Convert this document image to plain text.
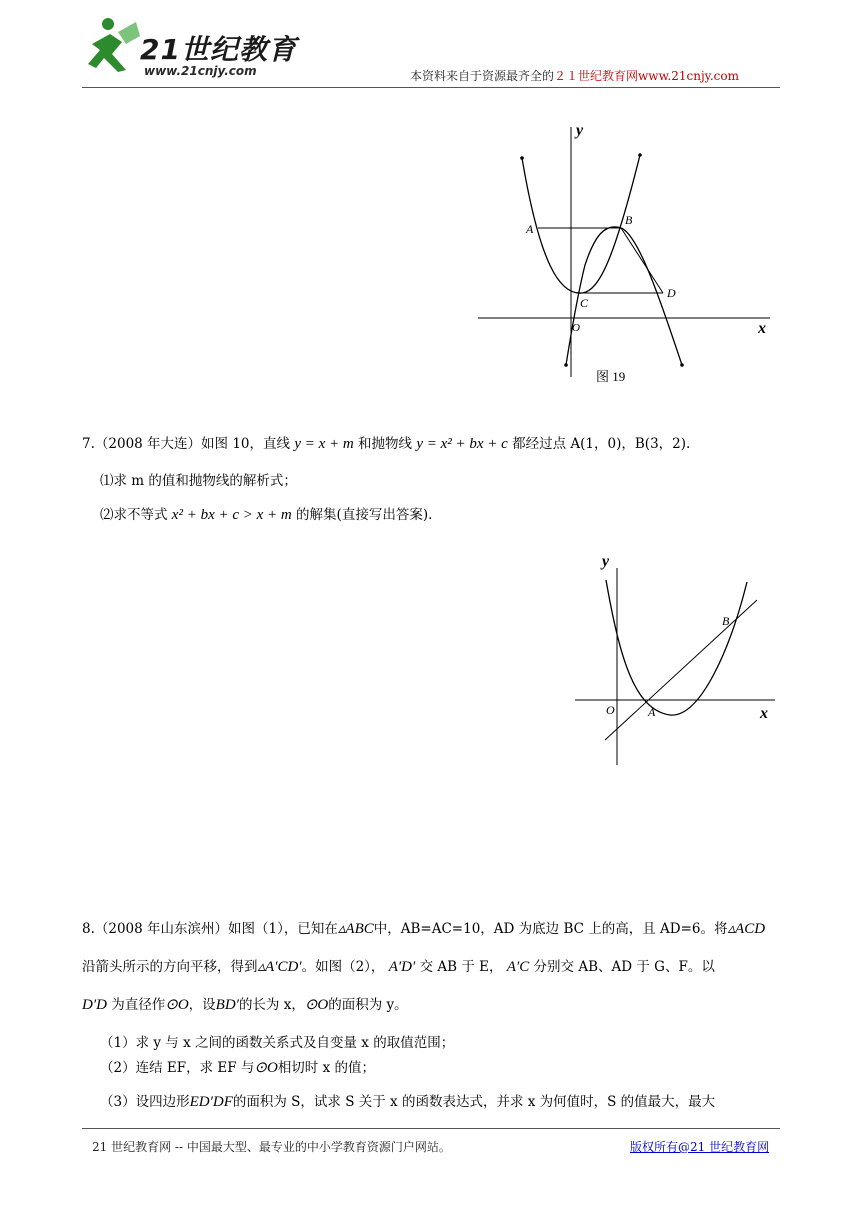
21世纪教育
www.21cnjy.com	本资料来自于资源最齐全的２１世纪教育网www.21cnjy.com
y
x
O
A
B
C
D
图 19
7.（2008 年大连）如图 10，直线 y = x + m 和抛物线 y = x² + bx + c 都经过点 A(1，0)，B(3，2).
⑴求 m 的值和抛物线的解析式；
⑵求不等式 x² + bx + c > x + m 的解集(直接写出答案).
y
x
O	A
B
8.（2008 年山东滨州）如图（1），已知在▵ABC中，AB=AC=10，AD 为底边 BC 上的高，且 AD=6。将▵ACD
沿箭头所示的方向平移，得到▵A′CD′。如图（2）， A′D′ 交 AB 于 E， A′C 分别交 AB、AD 于 G、F。以
D′D 为直径作⊙O，设BD′的长为 x，⊙O的面积为 y。
（1）求 y 与 x 之间的函数关系式及自变量 x 的取值范围；
（2）连结 EF，求 EF 与⊙O相切时 x 的值；
（3）设四边形ED′DF的面积为 S，试求 S 关于 x 的函数表达式，并求 x 为何值时，S 的值最大，最大
21 世纪教育网 -- 中国最大型、最专业的中小学教育资源门户网站。	版权所有@21 世纪教育网
